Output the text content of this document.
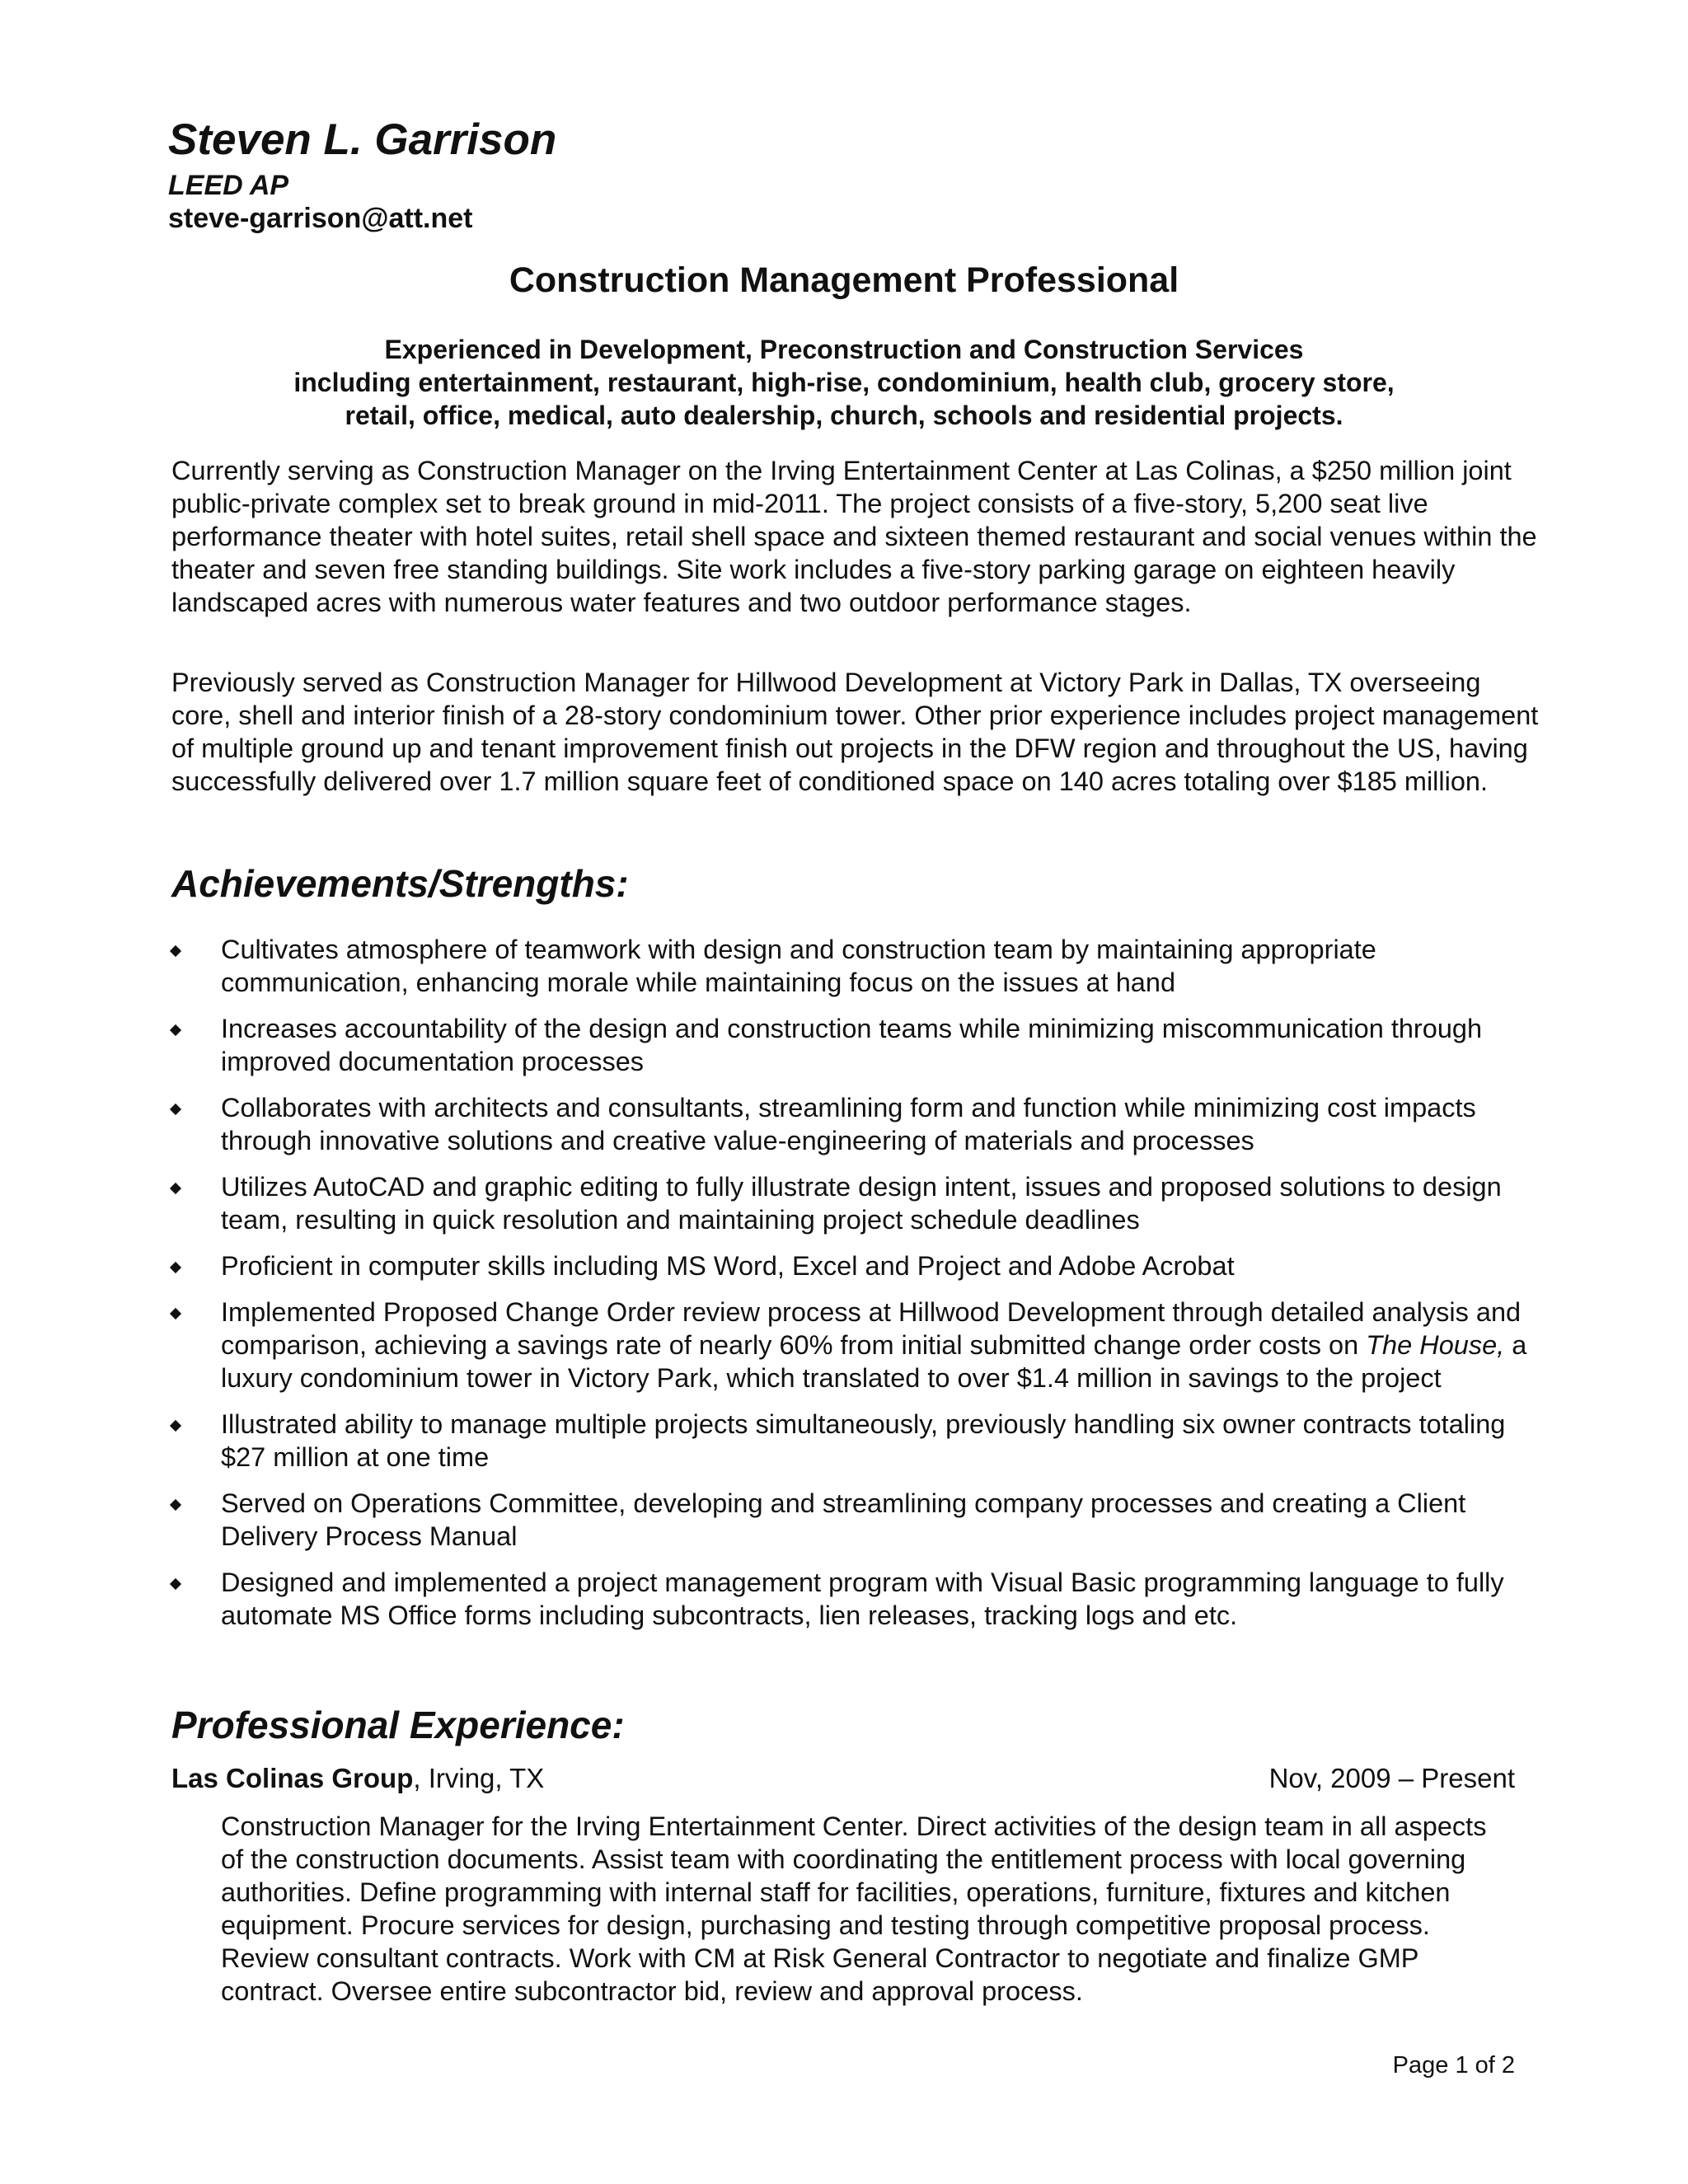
Steven L. Garrison
LEED AP
steve-garrison@att.net
Construction Management Professional
Experienced in Development, Preconstruction and Construction Services
including entertainment, restaurant, high-rise, condominium, health club, grocery store,
retail, office, medical, auto dealership, church, schools and residential projects.

Currently serving as Construction Manager on the Irving Entertainment Center at Las Colinas, a $250 million joint public-private complex set to break ground in mid-2011. The project consists of a five-story, 5,200 seat live performance theater with hotel suites, retail shell space and sixteen themed restaurant and social venues within the theater and seven free standing buildings. Site work includes a five-story parking garage on eighteen heavily landscaped acres with numerous water features and two outdoor performance stages.

Previously served as Construction Manager for Hillwood Development at Victory Park in Dallas, TX overseeing core, shell and interior finish of a 28-story condominium tower. Other prior experience includes project management of multiple ground up and tenant improvement finish out projects in the DFW region and throughout the US, having successfully delivered over 1.7 million square feet of conditioned space on 140 acres totaling over $185 million.

Achievements/Strengths:
Cultivates atmosphere of teamwork with design and construction team by maintaining appropriate communication, enhancing morale while maintaining focus on the issues at hand
Increases accountability of the design and construction teams while minimizing miscommunication through improved documentation processes
Collaborates with architects and consultants, streamlining form and function while minimizing cost impacts through innovative solutions and creative value-engineering of materials and processes
Utilizes AutoCAD and graphic editing to fully illustrate design intent, issues and proposed solutions to design team, resulting in quick resolution and maintaining project schedule deadlines
Proficient in computer skills including MS Word, Excel and Project and Adobe Acrobat
Implemented Proposed Change Order review process at Hillwood Development through detailed analysis and comparison, achieving a savings rate of nearly 60% from initial submitted change order costs on The House, a luxury condominium tower in Victory Park, which translated to over $1.4 million in savings to the project
Illustrated ability to manage multiple projects simultaneously, previously handling six owner contracts totaling $27 million at one time
Served on Operations Committee, developing and streamlining company processes and creating a Client Delivery Process Manual
Designed and implemented a project management program with Visual Basic programming language to fully automate MS Office forms including subcontracts, lien releases, tracking logs and etc.
Professional Experience:
Las Colinas Group, Irving, TX	Nov, 2009 – Present
Construction Manager for the Irving Entertainment Center. Direct activities of the design team in all aspects of the construction documents. Assist team with coordinating the entitlement process with local governing authorities. Define programming with internal staff for facilities, operations, furniture, fixtures and kitchen equipment. Procure services for design, purchasing and testing through competitive proposal process. Review consultant contracts. Work with CM at Risk General Contractor to negotiate and finalize GMP contract. Oversee entire subcontractor bid, review and approval process.
Page 1 of 2
